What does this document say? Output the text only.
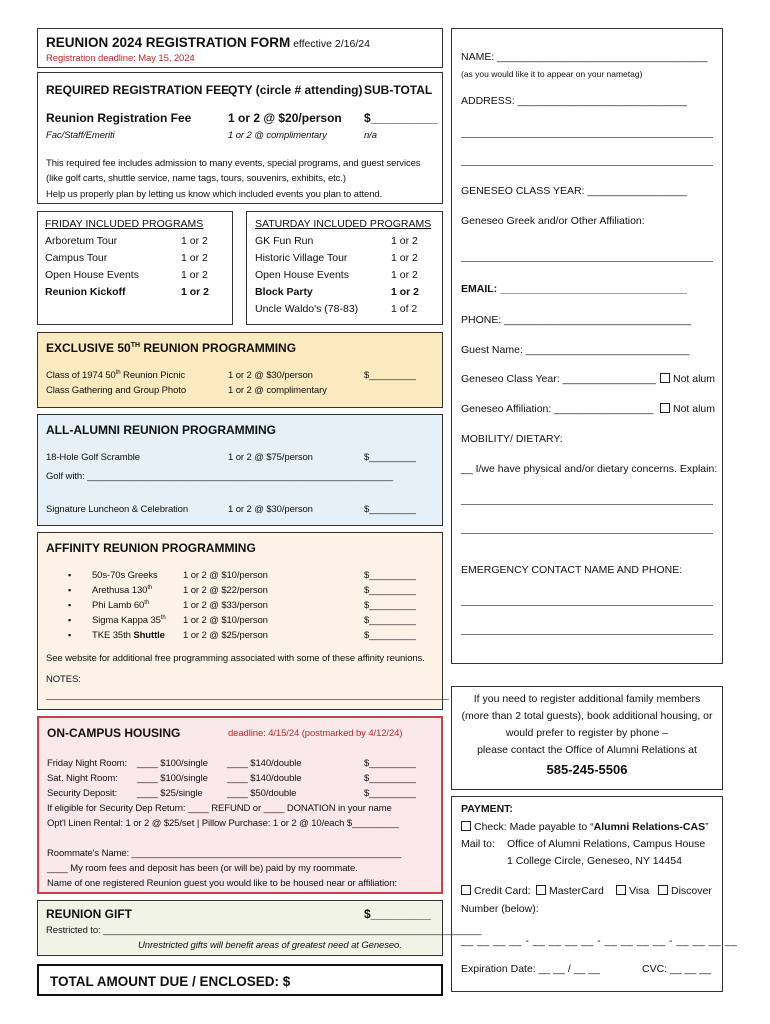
REUNION 2024 REGISTRATION FORM effective 2/16/24
Registration deadline: May 15, 2024
REQUIRED REGISTRATION FEE
QTY (circle # attending) SUB-TOTAL
Reunion Registration Fee	1 or 2 @ $20/person $__________
Fac/Staff/Emeriti	1 or 2 @ complimentary	n/a
This required fee includes admission to many events, special programs, and guest services
(like golf carts, shuttle service, name tags, tours, souvenirs, exhibits, etc.)
Help us properly plan by letting us know which included events you plan to attend.
FRIDAY INCLUDED PROGRAMS
Arboretum Tour	1 or 2
Campus Tour	1 or 2
Open House Events	1 or 2
Reunion Kickoff	1 or 2
SATURDAY INCLUDED PROGRAMS
GK Fun Run	1 or 2
Historic Village Tour	1 or 2
Open House Events	1 or 2
Block Party	1 or 2
Uncle Waldo's (78-83)	1 of 2
EXCLUSIVE 50TH REUNION PROGRAMMING
Class of 1974 50th Reunion Picnic	1 or 2 @ $30/person	$_________
Class Gathering and Group Photo	1 or 2 @ complimentary
ALL-ALUMNI REUNION PROGRAMMING
18-Hole Golf Scramble	1 or 2 @ $75/person	$_________
Golf with: ___________________________________________________________
Signature Luncheon & Celebration	1 or 2 @ $30/person	$_________
AFFINITY REUNION PROGRAMMING
▪ 50s-70s Greeks	1 or 2 @ $10/person	$_________
▪ Arethusa 130th	1 or 2 @ $22/person	$_________
▪ Phi Lamb 60th	1 or 2 @ $33/person	$_________
▪ Sigma Kappa 35th 1 or 2 @ $10/person	$_________
▪ TKE 35th Shuttle 1 or 2 @ $25/person	$_________
See website for additional free programming associated with some of these affinity reunions.
NOTES:
_______________________________________________________________________________________
ON-CAMPUS HOUSING	deadline: 4/15/24 (postmarked by 4/12/24)
Friday Night Room: ____ $100/single ____ $140/double	$_________
Sat. Night Room: ____ $100/single ____ $140/double	$_________
Security Deposit: ____ $25/single	____ $50/double	$_________
If eligible for Security Dep Return: ____ REFUND or ____ DONATION in your name
Opt'l Linen Rental: 1 or 2 @ $25/set | Pillow Purchase: 1 or 2 @ 10/each $_________
Roommate's Name: ____________________________________________________
____ My room fees and deposit has been (or will be) paid by my roommate.
Name of one registered Reunion guest you would like to be housed near or affiliation:
REUNION GIFT	$_________
Restricted to: _________________________________________________________________________
Unrestricted gifts will benefit areas of greatest need at Geneseo.
TOTAL AMOUNT DUE / ENCLOSED: $
NAME: ____________________________________
(as you would like it to appear on your nametag)
ADDRESS: _____________________________
GENESEO CLASS YEAR: _________________
Geneseo Greek and/or Other Affiliation:
EMAIL: ________________________________
PHONE: ________________________________
Guest Name: ____________________________
Geneseo Class Year: ________________	Not alum
Geneseo Affiliation: _________________	Not alum
MOBILITY/ DIETARY:
__ I/we have physical and/or dietary concerns. Explain:
EMERGENCY CONTACT NAME AND PHONE:
If you need to register additional family members
(more than 2 total guests), book additional housing, or
would prefer to register by phone –
please contact the Office of Alumni Relations at
585-245-5506
PAYMENT:
Check: Made payable to “Alumni Relations-CAS”
Mail to: Office of Alumni Relations, Campus House
1 College Circle, Geneseo, NY 14454
Credit Card:	MasterCard	Visa	Discover
Number (below):
__ __ __ __ - __ __ __ __ - __ __ __ __ - __ __ __ __
Expiration Date: __ __ / __ __	CVC: __ __ __
